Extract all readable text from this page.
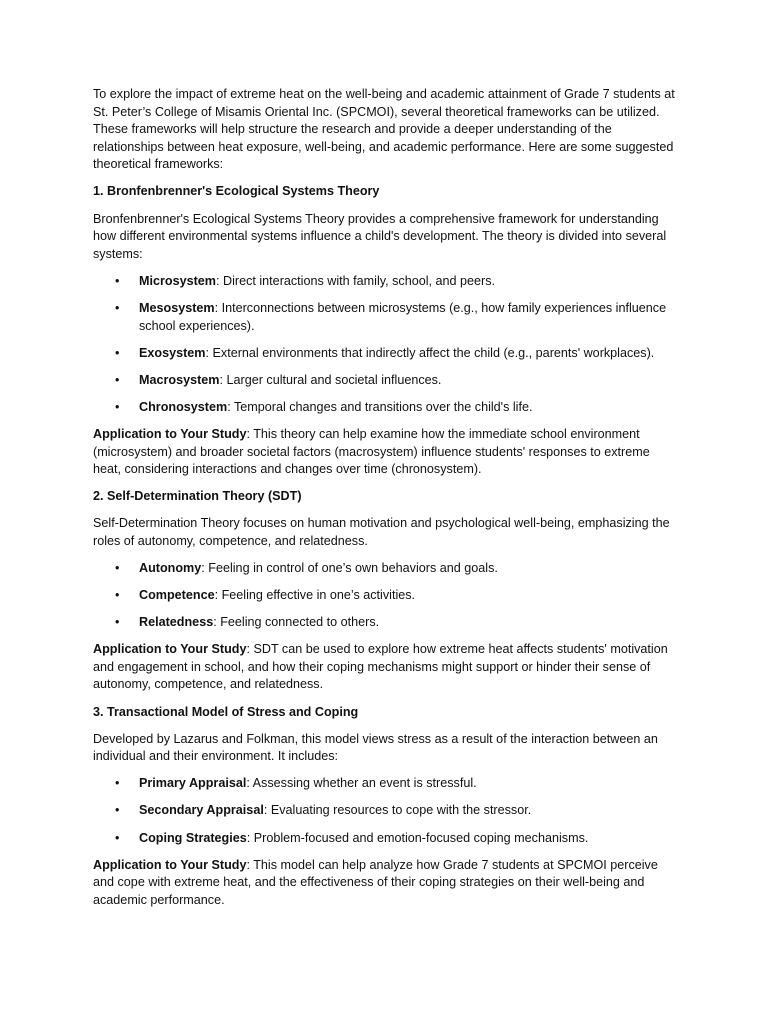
To explore the impact of extreme heat on the well-being and academic attainment of Grade 7 students at St. Peter’s College of Misamis Oriental Inc. (SPCMOI), several theoretical frameworks can be utilized. These frameworks will help structure the research and provide a deeper understanding of the relationships between heat exposure, well-being, and academic performance. Here are some suggested theoretical frameworks:

1. Bronfenbrenner's Ecological Systems Theory

Bronfenbrenner's Ecological Systems Theory provides a comprehensive framework for understanding how different environmental systems influence a child's development. The theory is divided into several systems:

• Microsystem: Direct interactions with family, school, and peers.
• Mesosystem: Interconnections between microsystems (e.g., how family experiences influence school experiences).
• Exosystem: External environments that indirectly affect the child (e.g., parents' workplaces).
• Macrosystem: Larger cultural and societal influences.
• Chronosystem: Temporal changes and transitions over the child's life.

Application to Your Study: This theory can help examine how the immediate school environment (microsystem) and broader societal factors (macrosystem) influence students' responses to extreme heat, considering interactions and changes over time (chronosystem).

2. Self-Determination Theory (SDT)

Self-Determination Theory focuses on human motivation and psychological well-being, emphasizing the roles of autonomy, competence, and relatedness.

• Autonomy: Feeling in control of one’s own behaviors and goals.
• Competence: Feeling effective in one’s activities.
• Relatedness: Feeling connected to others.

Application to Your Study: SDT can be used to explore how extreme heat affects students' motivation and engagement in school, and how their coping mechanisms might support or hinder their sense of autonomy, competence, and relatedness.

3. Transactional Model of Stress and Coping

Developed by Lazarus and Folkman, this model views stress as a result of the interaction between an individual and their environment. It includes:

• Primary Appraisal: Assessing whether an event is stressful.
• Secondary Appraisal: Evaluating resources to cope with the stressor.
• Coping Strategies: Problem-focused and emotion-focused coping mechanisms.

Application to Your Study: This model can help analyze how Grade 7 students at SPCMOI perceive and cope with extreme heat, and the effectiveness of their coping strategies on their well-being and academic performance.
